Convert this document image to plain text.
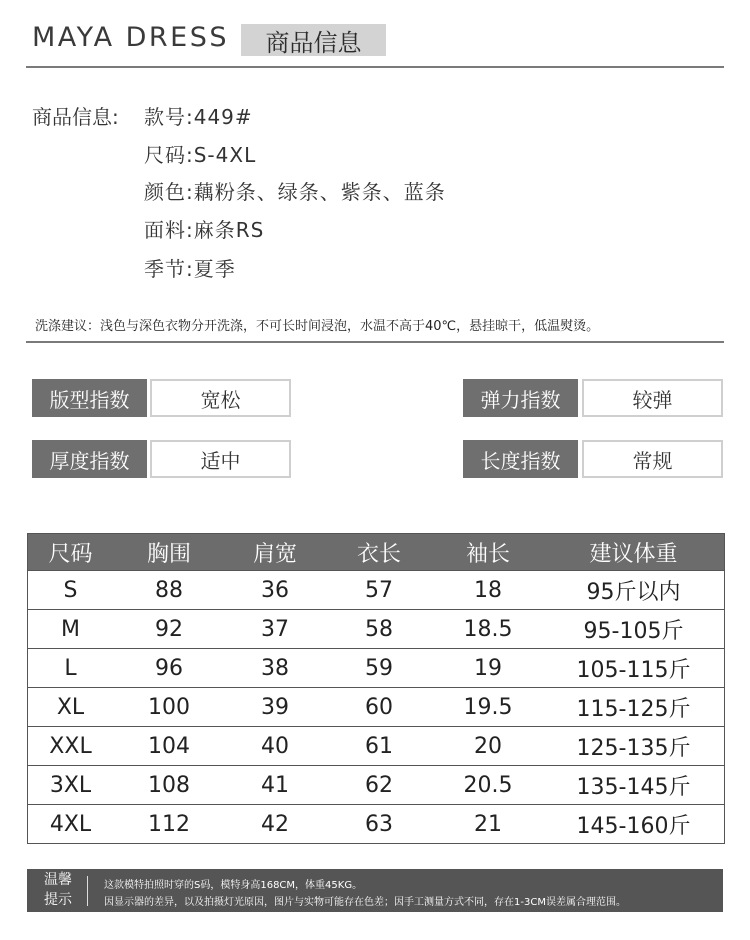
MAYA DRESS	商品信息
商品信息: 款号:449#
尺码:S-4XL
颜色:藕粉条、绿条、紫条、蓝条
面料:麻条RS
季节:夏季
洗涤建议：浅色与深色衣物分开洗涤，不可长时间浸泡，水温不高于40℃，悬挂晾干，低温熨烫。
版型指数	宽松	弹力指数	较弹
厚度指数	适中	长度指数	常规
尺码	胸围	肩宽	衣长	袖长	建议体重
S	88	36	57	18	95斤以内
M	92	37	58	18.5	95-105斤
L	96	38	59	19	105-115斤
XL	100	39	60	19.5	115-125斤
XXL	104	40	61	20	125-135斤
3XL	108	41	62	20.5	135-145斤
4XL	112	42	63	21	145-160斤
温馨
提示
这款模特拍照时穿的S码，模特身高168CM，体重45KG。
因显示器的差异，以及拍摄灯光原因，图片与实物可能存在色差；因手工测量方式不同，存在1-3CM误差属合理范围。
